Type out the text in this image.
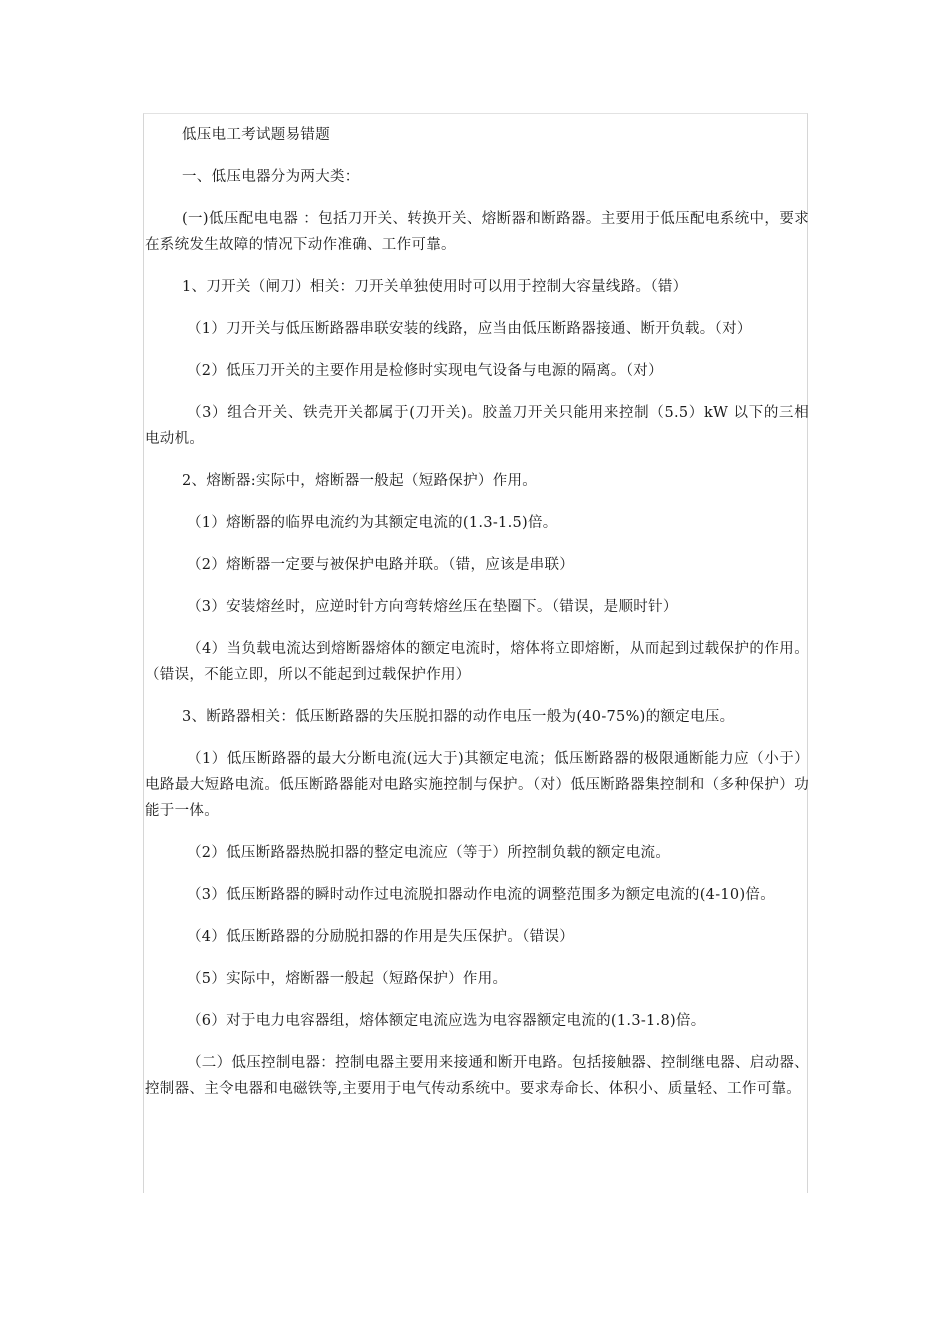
低压电工考试题易错题

一、低压电器分为两大类：

(一)低压配电电器 ：包括刀开关、转换开关、熔断器和断路器。主要用于低压配电系统中，要求在系统发生故障的情况下动作准确、工作可靠。

1、刀开关（闸刀）相关：刀开关单独使用时可以用于控制大容量线路。（错）

（1）刀开关与低压断路器串联安装的线路，应当由低压断路器接通、断开负载。（对）

（2）低压刀开关的主要作用是检修时实现电气设备与电源的隔离。（对）

（3）组合开关、铁壳开关都属于(刀开关)。胶盖刀开关只能用来控制（5.5）kW 以下的三相电动机。

2、熔断器:实际中，熔断器一般起（短路保护）作用。

（1）熔断器的临界电流约为其额定电流的(1.3-1.5)倍。

（2）熔断器一定要与被保护电路并联。（错，应该是串联）

（3）安装熔丝时，应逆时针方向弯转熔丝压在垫圈下。（错误，是顺时针）

（4）当负载电流达到熔断器熔体的额定电流时，熔体将立即熔断，从而起到过载保护的作用。（错误，不能立即，所以不能起到过载保护作用）

3、断路器相关：低压断路器的失压脱扣器的动作电压一般为(40-75%)的额定电压。

（1）低压断路器的最大分断电流(远大于)其额定电流；低压断路器的极限通断能力应（小于）电路最大短路电流。低压断路器能对电路实施控制与保护。（对）低压断路器集控制和（多种保护）功能于一体。

（2）低压断路器热脱扣器的整定电流应（等于）所控制负载的额定电流。

（3）低压断路器的瞬时动作过电流脱扣器动作电流的调整范围多为额定电流的(4-10)倍。

（4）低压断路器的分励脱扣器的作用是失压保护。（错误）

（5）实际中，熔断器一般起（短路保护）作用。

（6）对于电力电容器组，熔体额定电流应选为电容器额定电流的(1.3-1.8)倍。

（二）低压控制电器：控制电器主要用来接通和断开电路。包括接触器、控制继电器、启动器、控制器、主令电器和电磁铁等,主要用于电气传动系统中。要求寿命长、体积小、质量轻、工作可靠。
